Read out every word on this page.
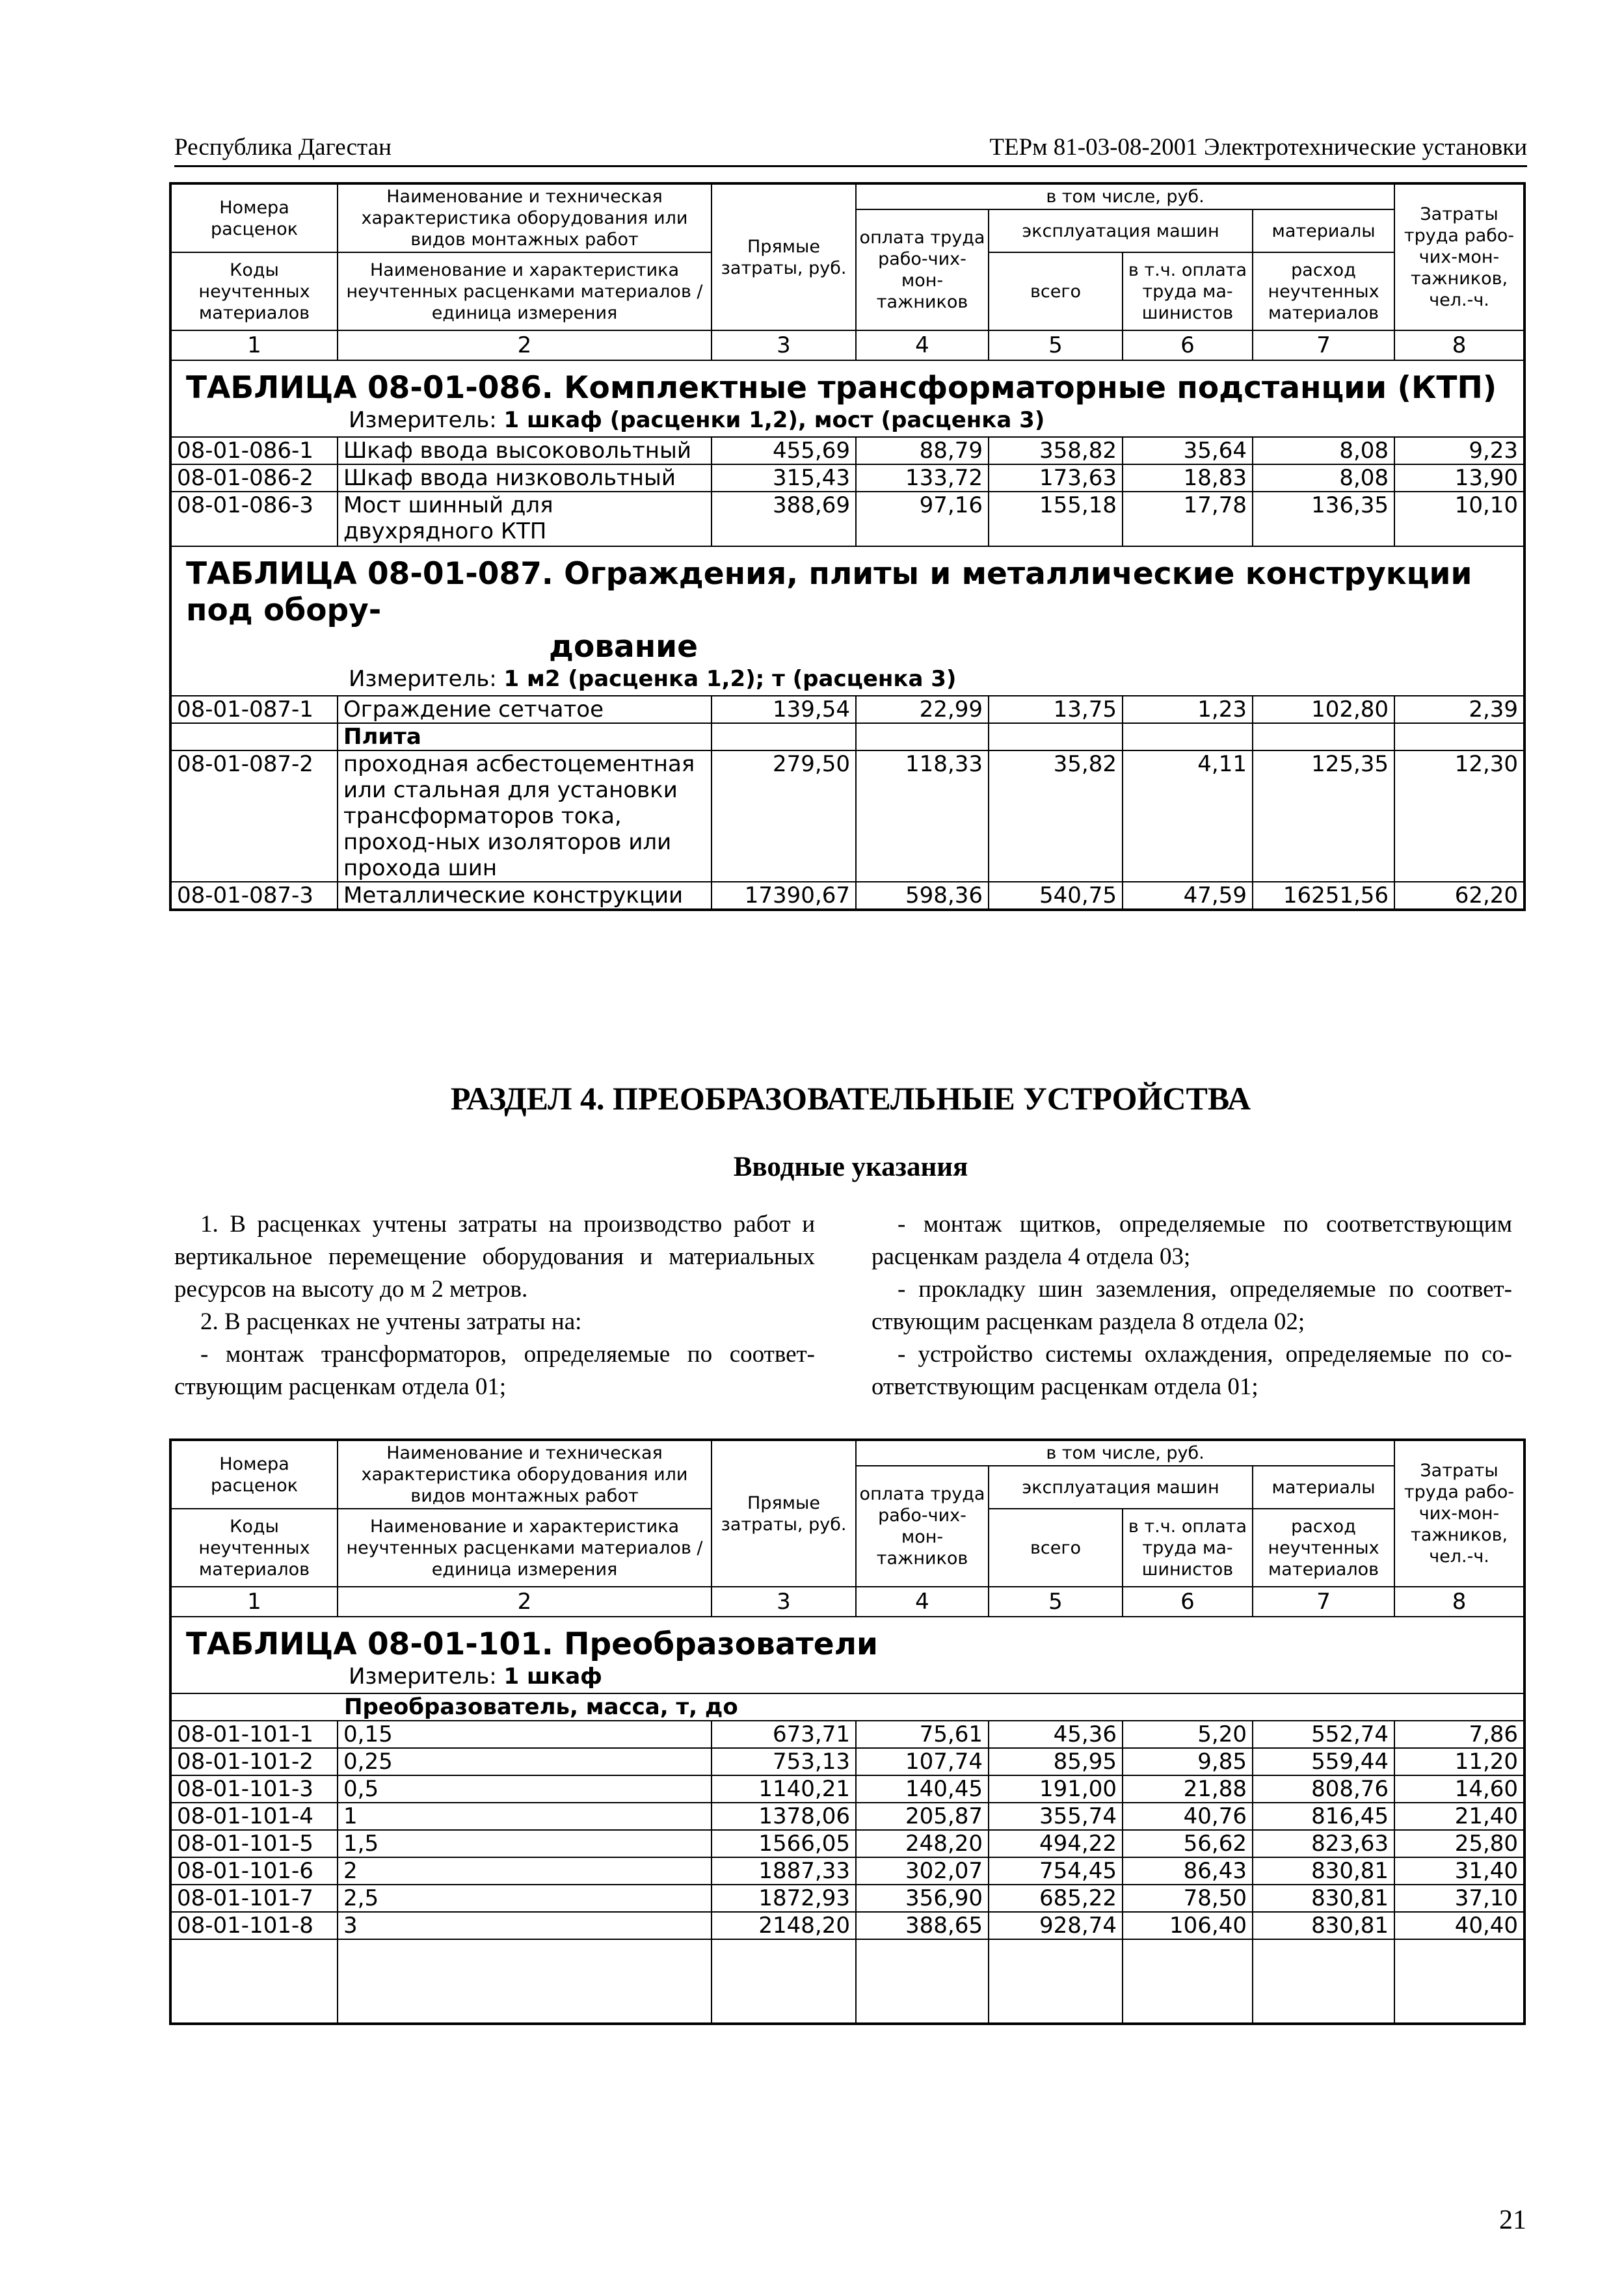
Республика Дагестан	ТЕРм 81-03-08-2001 Электротехнические установки
Номера расценок	Наименование и техническая характеристика оборудования или видов монтажных работ	Прямые затраты, руб.	в том числе, руб.				Затраты труда рабо-чих-мон-тажников, чел.-ч.
			оплата труда рабо-чих-мон-тажников	эксплуатация машин		материалы	
Коды неучтенных материалов	Наименование и характеристика неучтенных расценками материалов / единица измерения			всего	в т.ч. оплата труда ма-шинистов	расход неучтенных материалов	

1	2	3	4	5	6	7	8

ТАБЛИЦА 08-01-086. Комплектные трансформаторные подстанции (КТП)
Измеритель: 1 шкаф (расценки 1,2), мост (расценка 3)							

08-01-086-1	Шкаф ввода высоковольтный	455,69	88,79	358,82	35,64	8,08	9,23
08-01-086-2	Шкаф ввода низковольтный	315,43	133,72	173,63	18,83	8,08	13,90
08-01-086-3	Мост шинный для двухрядного КТП	388,69	97,16	155,18	17,78	136,35	10,10

ТАБЛИЦА 08-01-087. Ограждения, плиты и металлические конструкции под обору-
дование
Измеритель: 1 м2 (расценка 1,2); т (расценка 3)							

08-01-087-1	Ограждение сетчатое	139,54	22,99	13,75	1,23	102,80	2,39
	Плита						
08-01-087-2	проходная асбестоцементная или стальная для установки трансформаторов тока, проход-ных изоляторов или прохода шин	279,50	118,33	35,82	4,11	125,35	12,30
08-01-087-3	Металлические конструкции	17390,67	598,36	540,75	47,59	16251,56	62,20
РАЗДЕЛ 4. ПРЕОБРАЗОВАТЕЛЬНЫЕ УСТРОЙСТВА
Вводные указания

1. В расценках учтены затраты на производство работ и вертикальное перемещение оборудования и материальных ресурсов на высоту до м 2 метров.

2. В расценках не учтены затраты на:

- монтаж трансформаторов, определяемые по соответ-ствующим расценкам отдела 01;

- монтаж щитков, определяемые по соответствующим расценкам раздела 4 отдела 03;

- прокладку шин заземления, определяемые по соответ-ствующим расценкам раздела 8 отдела 02;

- устройство системы охлаждения, определяемые по со-ответствующим расценкам отдела 01;

Номера расценок	Наименование и техническая характеристика оборудования или видов монтажных работ	Прямые затраты, руб.	в том числе, руб.				Затраты труда рабо-чих-мон-тажников, чел.-ч.
			оплата труда рабо-чих-мон-тажников	эксплуатация машин		материалы	
Коды неучтенных материалов	Наименование и характеристика неучтенных расценками материалов / единица измерения			всего	в т.ч. оплата труда ма-шинистов	расход неучтенных материалов	

1	2	3	4	5	6	7	8

ТАБЛИЦА 08-01-101. Преобразователи
Измеритель: 1 шкаф							

Преобразователь, масса, т, до							
08-01-101-1	0,15	673,71	75,61	45,36	5,20	552,74	7,86
08-01-101-2	0,25	753,13	107,74	85,95	9,85	559,44	11,20
08-01-101-3	0,5	1140,21	140,45	191,00	21,88	808,76	14,60
08-01-101-4	1	1378,06	205,87	355,74	40,76	816,45	21,40
08-01-101-5	1,5	1566,05	248,20	494,22	56,62	823,63	25,80
08-01-101-6	2	1887,33	302,07	754,45	86,43	830,81	31,40
08-01-101-7	2,5	1872,93	356,90	685,22	78,50	830,81	37,10
08-01-101-8	3	2148,20	388,65	928,74	106,40	830,81	40,40

21
